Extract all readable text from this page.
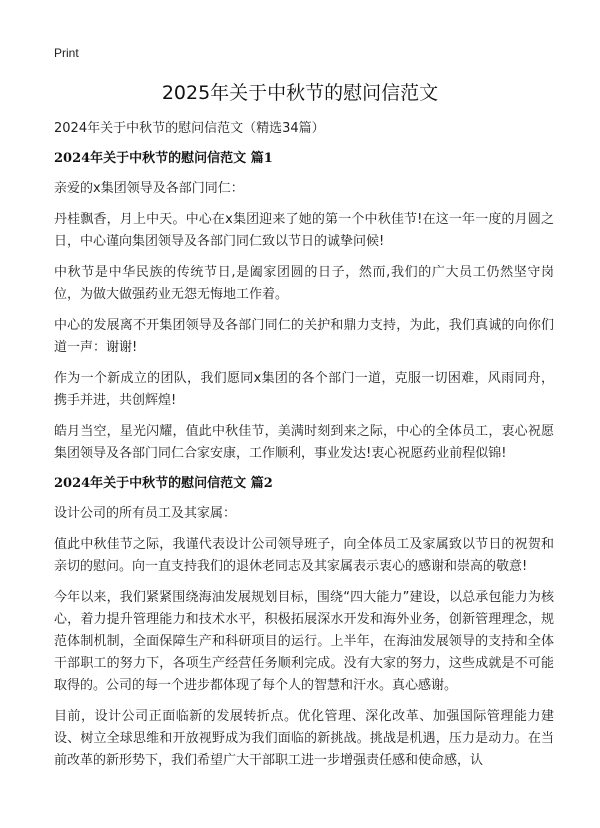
Print
2025年关于中秋节的慰问信范文

2024年关于中秋节的慰问信范文（精选34篇）

2024年关于中秋节的慰问信范文 篇1

亲爱的x集团领导及各部门同仁：

丹桂飘香，月上中天。中心在x集团迎来了她的第一个中秋佳节!在这一年一度的月圆之日，中心谨向集团领导及各部门同仁致以节日的诚挚问候!

中秋节是中华民族的传统节日,是阖家团圆的日子，然而,我们的广大员工仍然坚守岗位，为做大做强药业无怨无悔地工作着。

中心的发展离不开集团领导及各部门同仁的关护和鼎力支持，为此，我们真诚的向你们道一声：谢谢!

作为一个新成立的团队，我们愿同x集团的各个部门一道，克服一切困难，风雨同舟，携手并进，共创辉煌!

皓月当空，星光闪耀，值此中秋佳节，美满时刻到来之际，中心的全体员工，衷心祝愿集团领导及各部门同仁合家安康，工作顺利，事业发达!衷心祝愿药业前程似锦!

2024年关于中秋节的慰问信范文 篇2

设计公司的所有员工及其家属：

值此中秋佳节之际，我谨代表设计公司领导班子，向全体员工及家属致以节日的祝贺和亲切的慰问。向一直支持我们的退休老同志及其家属表示衷心的感谢和崇高的敬意!

今年以来，我们紧紧围绕海油发展规划目标，围绕“四大能力”建设，以总承包能力为核心，着力提升管理能力和技术水平，积极拓展深水开发和海外业务，创新管理理念，规范体制机制，全面保障生产和科研项目的运行。上半年，在海油发展领导的支持和全体干部职工的努力下，各项生产经营任务顺利完成。没有大家的努力，这些成就是不可能取得的。公司的每一个进步都体现了每个人的智慧和汗水。真心感谢。

目前，设计公司正面临新的发展转折点。优化管理、深化改革、加强国际管理能力建设、树立全球思维和开放视野成为我们面临的新挑战。挑战是机遇，压力是动力。在当前改革的新形势下，我们希望广大干部职工进一步增强责任感和使命感，认
